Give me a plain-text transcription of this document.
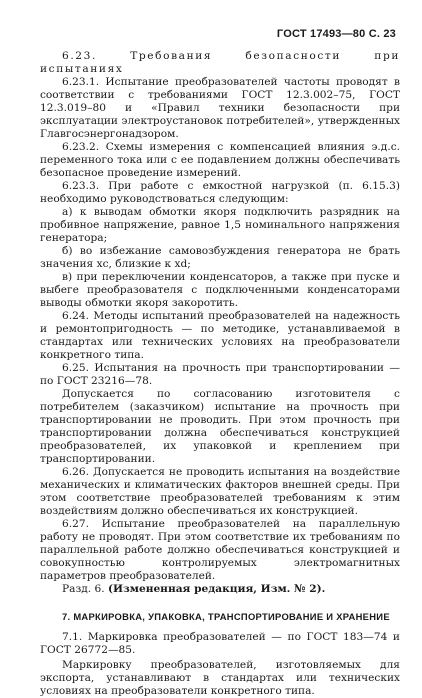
ГОСТ 17493—80 С. 23

6.23. Требования безопасности при испытаниях

6.23.1. Испытание преобразователей частоты проводят в соответствии с требованиями ГОСТ 12.3.002–75, ГОСТ 12.3.019–80 и «Правил техники безопасности при эксплуатации электроустановок потребителей», утвержденных Главгосэнергонадзором.

6.23.2. Схемы измерения с компенсацией влияния э.д.с. переменного тока или с ее подавлением должны обеспечивать безопасное проведение измерений.

6.23.3. При работе с емкостной нагрузкой (п. 6.15.3) необходимо руководствоваться следующим:

а) к выводам обмотки якоря подключить разрядник на пробивное напряжение, равное 1,5 номинального напряжения генератора;

б) во избежание самовозбуждения генератора не брать значения xc, близкие к xd;

в) при переключении конденсаторов, а также при пуске и выбеге преобразователя с подключенными конденсаторами выводы обмотки якоря закоротить.

6.24. Методы испытаний преобразователей на надежность и ремонтопригодность — по методике, устанавливаемой в стандартах или технических условиях на преобразователи конкретного типа.

6.25. Испытания на прочность при транспортировании — по ГОСТ 23216—78.

Допускается по согласованию изготовителя с потребителем (заказчиком) испытание на прочность при транспортировании не проводить. При этом прочность при транспортировании должна обеспечиваться конструкцией преобразователей, их упаковкой и креплением при транспортировании.

6.26. Допускается не проводить испытания на воздействие механических и климатических факторов внешней среды. При этом соответствие преобразователей требованиям к этим воздействиям должно обеспечиваться их конструкцией.

6.27. Испытание преобразователей на параллельную работу не проводят. При этом соответствие их требованиям по параллельной работе должно обеспечиваться конструкцией и совокупностью контролируемых электромагнитных параметров преобразователей.

Разд. 6. (Измененная редакция, Изм. № 2).

7. МАРКИРОВКА, УПАКОВКА, ТРАНСПОРТИРОВАНИЕ И ХРАНЕНИЕ

7.1. Маркировка преобразователей — по ГОСТ 183—74 и ГОСТ 26772—85.

Маркировку преобразователей, изготовляемых для экспорта, устанавливают в стандартах или технических условиях на преобразователи конкретного типа.
